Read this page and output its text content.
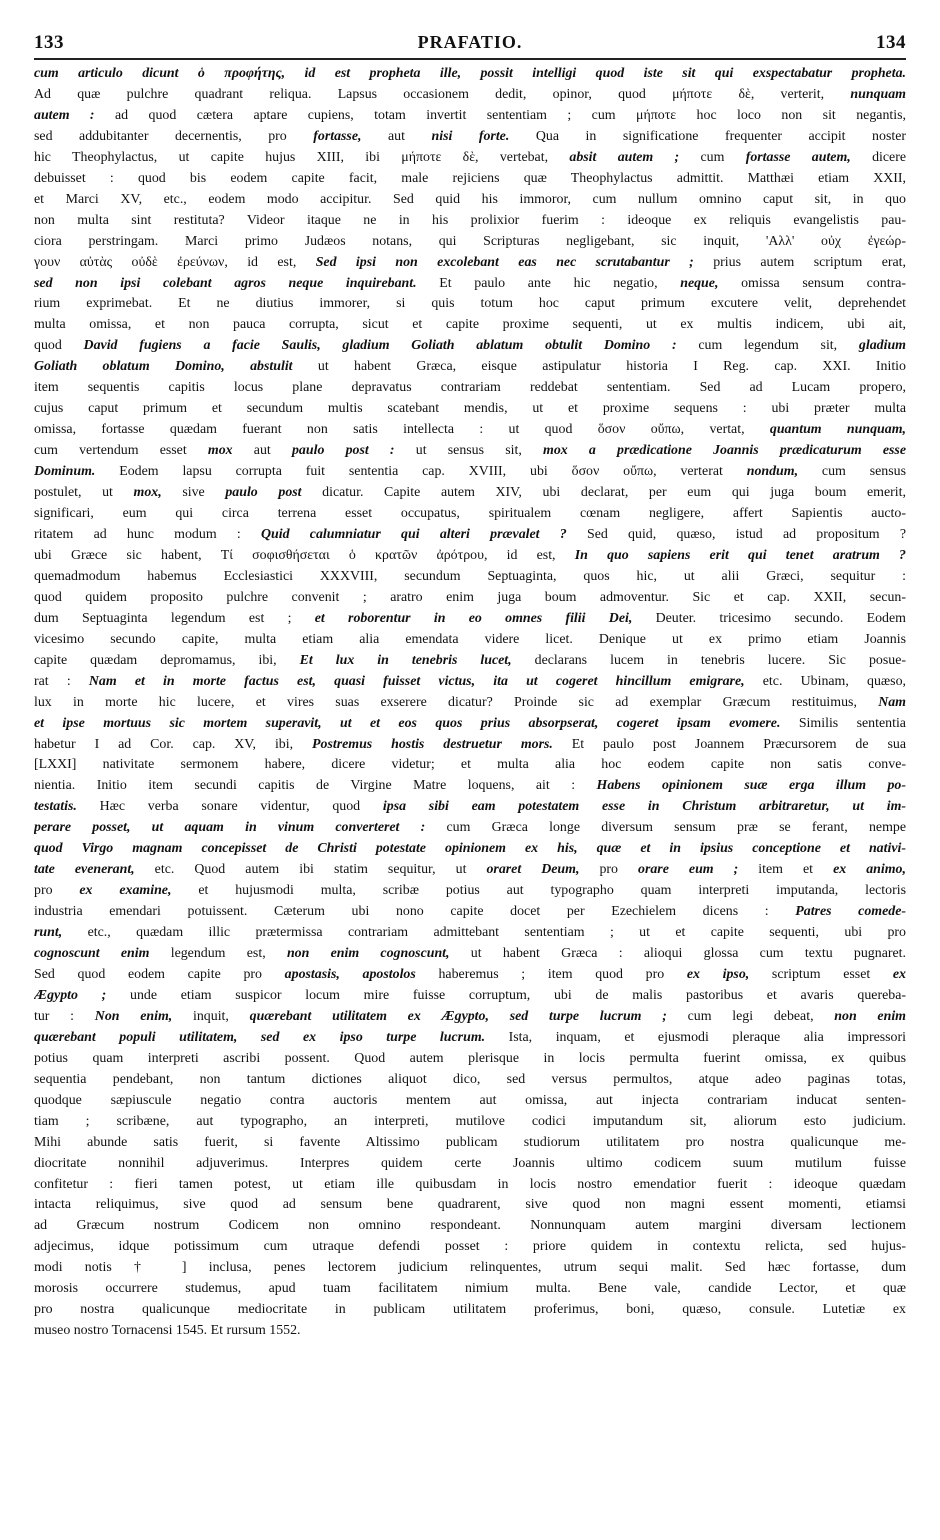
133	PRAFATIO.	134
cum articulo dicunt ὁ προφήτης, id est propheta ille, possit intelligi quod iste sit qui exspectabatur propheta.
Ad quæ pulchre quadrant reliqua. Lapsus occasionem dedit, opinor, quod μήποτε δὲ, verterit, nunquam
autem : ad quod cætera aptare cupiens, totam invertit sententiam ; cum μήποτε hoc loco non sit negantis,
sed addubitanter decernentis, pro fortasse, aut nisi forte. Qua in significatione frequenter accipit noster
hic Theophylactus, ut capite hujus XIII, ibi μήποτε δὲ, vertebat, absit autem ; cum fortasse autem, dicere
debuisset : quod bis eodem capite facit, male rejiciens quæ Theophylactus admittit. Matthæi etiam XXII,
et Marci XV, etc., eodem modo accipitur. Sed quid his immoror, cum nullum omnino caput sit, in quo
non multa sint restituta? Videor itaque ne in his prolixior fuerim : ideoque ex reliquis evangelistis pau-
ciora perstringam. Marci primo Judæos notans, qui Scripturas negligebant, sic inquit, 'Αλλ' οὐχ ἐγεώρ-
γουν αὐτὰς οὐδὲ ἐρεύνων, id est, Sed ipsi non excolebant eas nec scrutabantur ; prius autem scriptum erat,
sed non ipsi colebant agros neque inquirebant. Et paulo ante hic negatio, neque, omissa sensum contra-
rium exprimebat. Et ne diutius immorer, si quis totum hoc caput primum excutere velit, deprehendet
multa omissa, et non pauca corrupta, sicut et capite proxime sequenti, ut ex multis indicem, ubi ait,
quod David fugiens a facie Saulis, gladium Goliath ablatum obtulit Domino : cum legendum sit, gladium
Goliath oblatum Domino, abstulit ut habent Græca, eisque astipulatur historia I Reg. cap. XXI. Initio
item sequentis capitis locus plane depravatus contrariam reddebat sententiam. Sed ad Lucam propero,
cujus caput primum et secundum multis scatebant mendis, ut et proxime sequens : ubi præter multa
omissa, fortasse quædam fuerant non satis intellecta : ut quod ὅσον οὔπω, vertat, quantum nunquam,
cum vertendum esset mox aut paulo post : ut sensus sit, mox a prædicatione Joannis prædicaturum esse
Dominum. Eodem lapsu corrupta fuit sententia cap. XVIII, ubi ὅσον οὔπω, verterat nondum, cum sensus
postulet, ut mox, sive paulo post dicatur. Capite autem XIV, ubi declarat, per eum qui juga boum emerit,
significari, eum qui circa terrena esset occupatus, spiritualem cœnam negligere, affert Sapientis aucto-
ritatem ad hunc modum : Quid calumniatur qui alteri prævalet ? Sed quid, quæso, istud ad propositum ?
ubi Græce sic habent, Τί σοφισθήσεται ὁ κρατῶν ἀρότρου, id est, In quo sapiens erit qui tenet aratrum ?
quemadmodum habemus Ecclesiastici XXXVIII, secundum Septuaginta, quos hic, ut alii Græci, sequitur :
quod quidem proposito pulchre convenit ; aratro enim juga boum admoventur. Sic et cap. XXII, secun-
dum Septuaginta legendum est ; et roborentur in eo omnes filii Dei, Deuter. tricesimo secundo. Eodem
vicesimo secundo capite, multa etiam alia emendata videre licet. Denique ut ex primo etiam Joannis
capite quædam depromamus, ibi, Et lux in tenebris lucet, declarans lucem in tenebris lucere. Sic posue-
rat : Nam et in morte factus est, quasi fuisset victus, ita ut cogeret hincillum emigrare, etc. Ubinam, quæso,
lux in morte hic lucere, et vires suas exserere dicatur? Proinde sic ad exemplar Græcum restituimus, Nam
et ipse mortuus sic mortem superavit, ut et eos quos prius absorpserat, cogeret ipsam evomere. Similis sententia
habetur I ad Cor. cap. XV, ibi, Postremus hostis destruetur mors. Et paulo post Joannem Præcursorem de sua
[LXXI] nativitate sermonem habere, dicere videtur; et multa alia hoc eodem capite non satis conve-
nientia. Initio item secundi capitis de Virgine Matre loquens, ait : Habens opinionem suæ erga illum po-
testatis. Hæc verba sonare videntur, quod ipsa sibi eam potestatem esse in Christum arbitraretur, ut im-
perare posset, ut aquam in vinum converteret : cum Græca longe diversum sensum præ se ferant, nempe
quod Virgo magnam concepisset de Christi potestate opinionem ex his, quæ et in ipsius conceptione et nativi-
tate evenerant, etc. Quod autem ibi statim sequitur, ut oraret Deum, pro orare eum ; item et ex animo,
pro ex examine, et hujusmodi multa, scribæ potius aut typographo quam interpreti imputanda, lectoris
industria emendari potuissent. Cæterum ubi nono capite docet per Ezechielem dicens : Patres comede-
runt, etc., quædam illic prætermissa contrariam admittebant sententiam ; ut et capite sequenti, ubi pro
cognoscunt enim legendum est, non enim cognoscunt, ut habent Græca : alioqui glossa cum textu pugnaret.
Sed quod eodem capite pro apostasis, apostolos haberemus ; item quod pro ex ipso, scriptum esset ex
Ægypto ; unde etiam suspicor locum mire fuisse corruptum, ubi de malis pastoribus et avaris querebа-
tur : Non enim, inquit, quærebant utilitatem ex Ægypto, sed turpe lucrum ; cum legi debeat, non enim
quærebant populi utilitatem, sed ex ipso turpe lucrum. Ista, inquam, et ejusmodi pleraque alia impressori
potius quam interpreti ascribi possent. Quod autem plerisque in locis permulta fuerint omissa, ex quibus
sequentia pendebant, non tantum dictiones aliquot dico, sed versus permultos, atque adeo paginas totas,
quodque sæpiuscule negatio contra auctoris mentem aut omissa, aut injecta contrariam inducat senten-
tiam ; scribæne, aut typographo, an interpreti, mutilove codici imputandum sit, aliorum esto judicium.
Mihi abunde satis fuerit, si favente Altissimo publicam studiorum utilitatem pro nostra qualicunque me-
diocritate nonnihil adjuverimus. Interpres quidem certe Joannis ultimo codicem suum mutilum fuisse
confitetur : fieri tamen potest, ut etiam ille quibusdam in locis nostro emendatior fuerit : ideoque quædam
intacta reliquimus, sive quod ad sensum bene quadrarent, sive quod non magni essent momenti, etiamsi
ad Græcum nostrum Codicem non omnino respondeant. Nonnunquam autem margini diversam lectionem
adjecimus, idque potissimum cum utraque defendi posset : priore quidem in contextu relicta, sed hujus-
modi notis † ] inclusa, penes lectorem judicium relinquentes, utrum sequi malit. Sed hæc fortasse, dum
morosis occurrere studemus, apud tuam facilitatem nimium multa. Bene vale, candide Lector, et quæ
pro nostra qualicunque mediocritate in publicam utilitatem proferimus, boni, quæso, consule. Lutetiæ ex
museo nostro Tornacensi 1545. Et rursum 1552.
